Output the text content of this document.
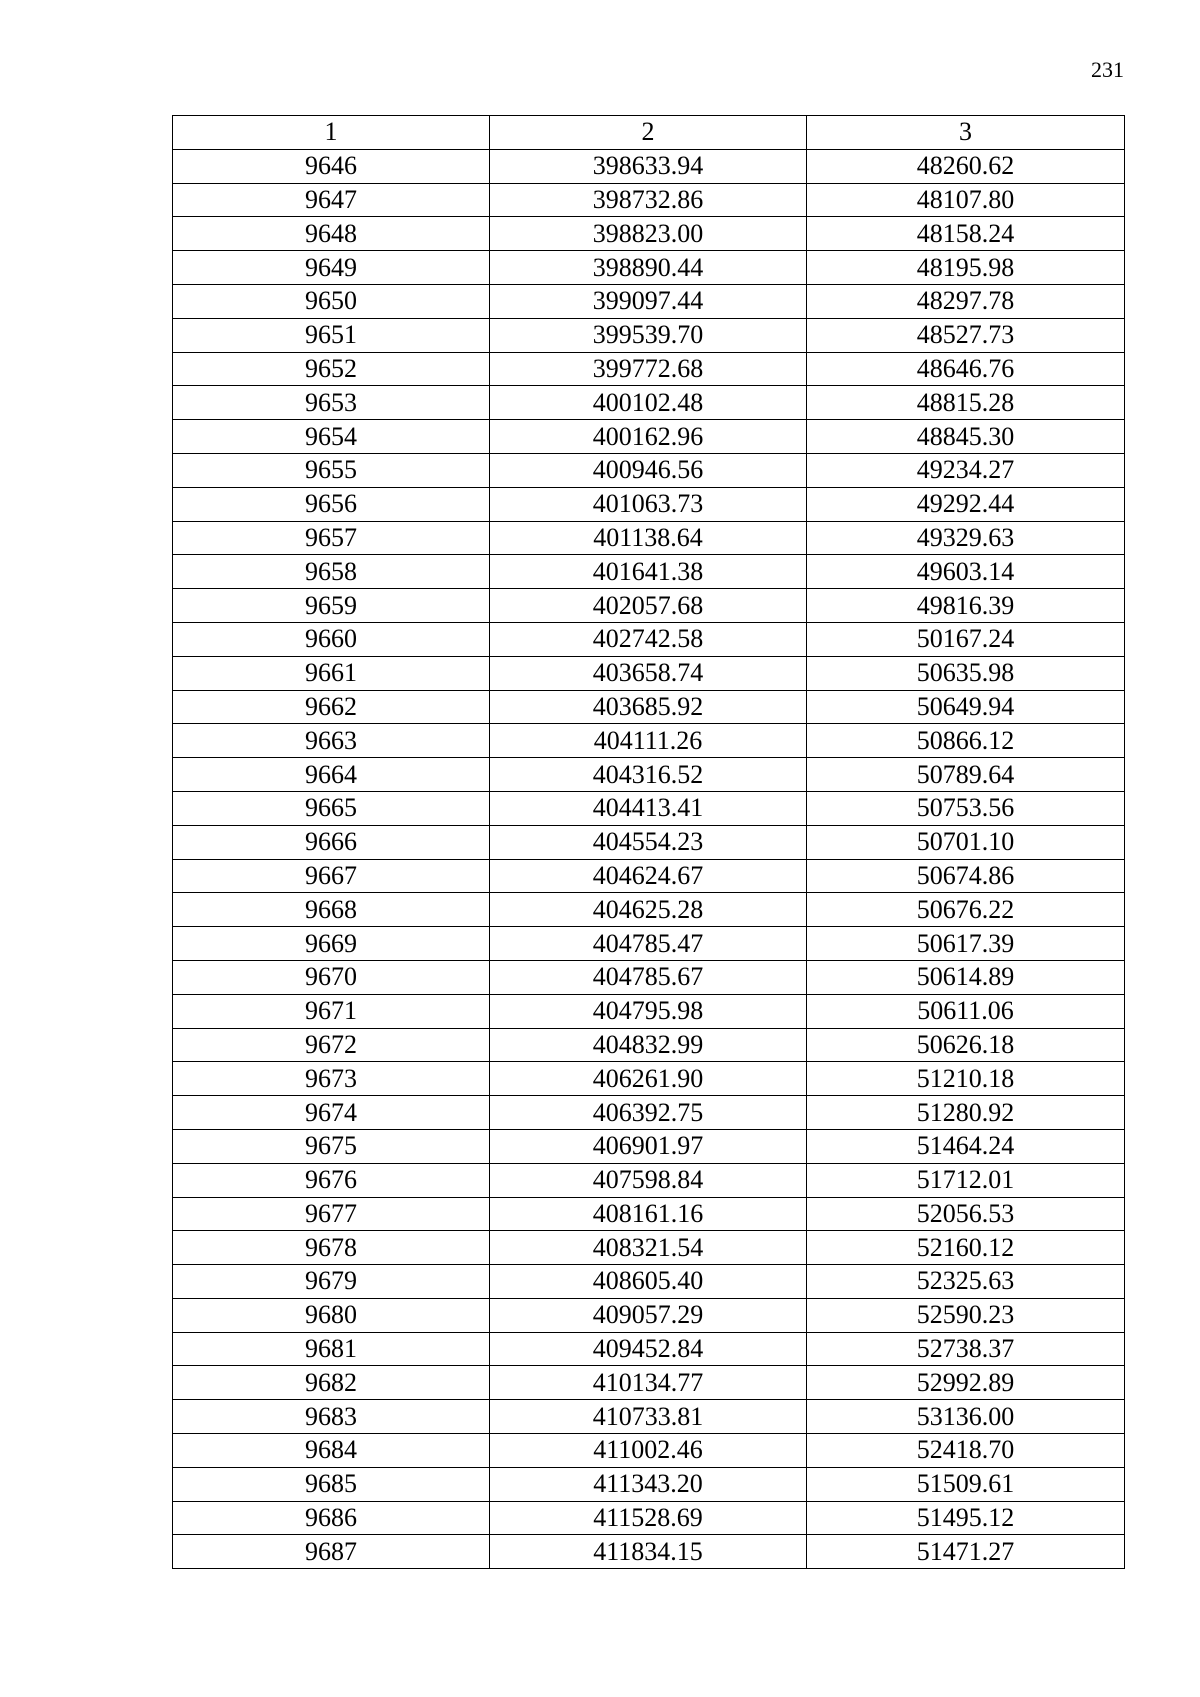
231
1	2	3
9646	398633.94	48260.62
9647	398732.86	48107.80
9648	398823.00	48158.24
9649	398890.44	48195.98
9650	399097.44	48297.78
9651	399539.70	48527.73
9652	399772.68	48646.76
9653	400102.48	48815.28
9654	400162.96	48845.30
9655	400946.56	49234.27
9656	401063.73	49292.44
9657	401138.64	49329.63
9658	401641.38	49603.14
9659	402057.68	49816.39
9660	402742.58	50167.24
9661	403658.74	50635.98
9662	403685.92	50649.94
9663	404111.26	50866.12
9664	404316.52	50789.64
9665	404413.41	50753.56
9666	404554.23	50701.10
9667	404624.67	50674.86
9668	404625.28	50676.22
9669	404785.47	50617.39
9670	404785.67	50614.89
9671	404795.98	50611.06
9672	404832.99	50626.18
9673	406261.90	51210.18
9674	406392.75	51280.92
9675	406901.97	51464.24
9676	407598.84	51712.01
9677	408161.16	52056.53
9678	408321.54	52160.12
9679	408605.40	52325.63
9680	409057.29	52590.23
9681	409452.84	52738.37
9682	410134.77	52992.89
9683	410733.81	53136.00
9684	411002.46	52418.70
9685	411343.20	51509.61
9686	411528.69	51495.12
9687	411834.15	51471.27
